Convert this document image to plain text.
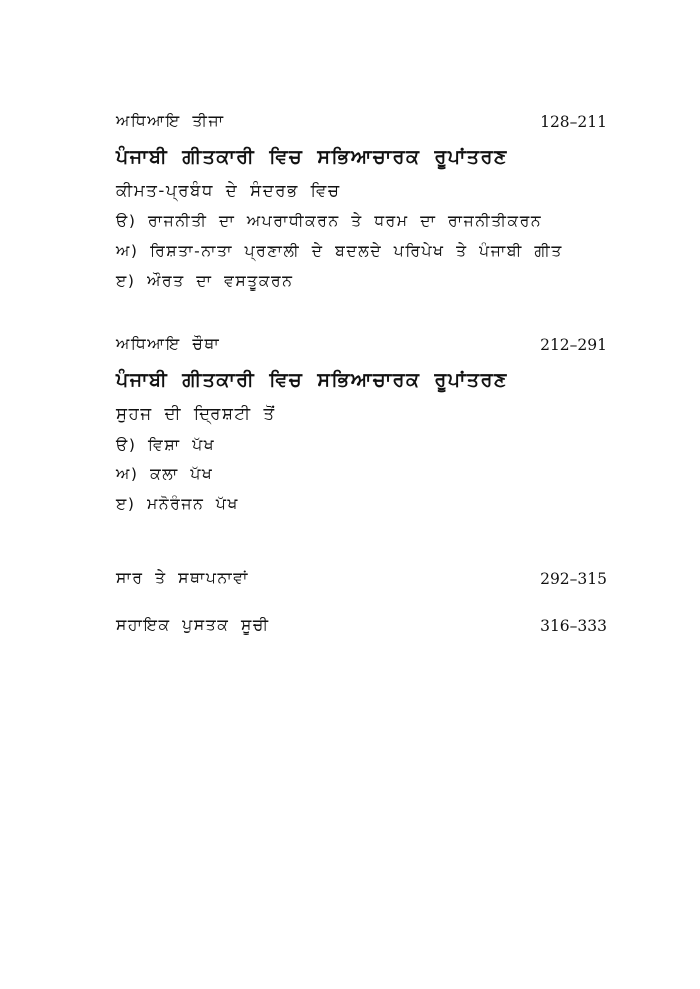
ਅਧਿਆਇ ਤੀਜਾ	128–211
ਪੰਜਾਬੀ ਗੀਤਕਾਰੀ ਵਿਚ ਸਭਿਆਚਾਰਕ ਰੂਪਾਂਤਰਣ
ਕੀਮਤ-ਪ੍ਰਬੰਧ ਦੇ ਸੰਦਰਭ ਵਿਚ
ੳ) ਰਾਜਨੀਤੀ ਦਾ ਅਪਰਾਧੀਕਰਨ ਤੇ ਧਰਮ ਦਾ ਰਾਜਨੀਤੀਕਰਨ
ਅ) ਰਿਸ਼ਤਾ-ਨਾਤਾ ਪ੍ਰਣਾਲੀ ਦੇ ਬਦਲਦੇ ਪਰਿਪੇਖ ਤੇ ਪੰਜਾਬੀ ਗੀਤ
ੲ) ਔਰਤ ਦਾ ਵਸਤੂਕਰਨ
ਅਧਿਆਇ ਚੌਥਾ	212–291
ਪੰਜਾਬੀ ਗੀਤਕਾਰੀ ਵਿਚ ਸਭਿਆਚਾਰਕ ਰੂਪਾਂਤਰਣ
ਸੁਹਜ ਦੀ ਦ੍ਰਿਸ਼ਟੀ ਤੋਂ
ੳ) ਵਿਸ਼ਾ ਪੱਖ
ਅ) ਕਲਾ ਪੱਖ
ੲ) ਮਨੋਰੰਜਨ ਪੱਖ
ਸਾਰ ਤੇ ਸਥਾਪਨਾਵਾਂ	292–315
ਸਹਾਇਕ ਪੁਸਤਕ ਸੂਚੀ	316–333
